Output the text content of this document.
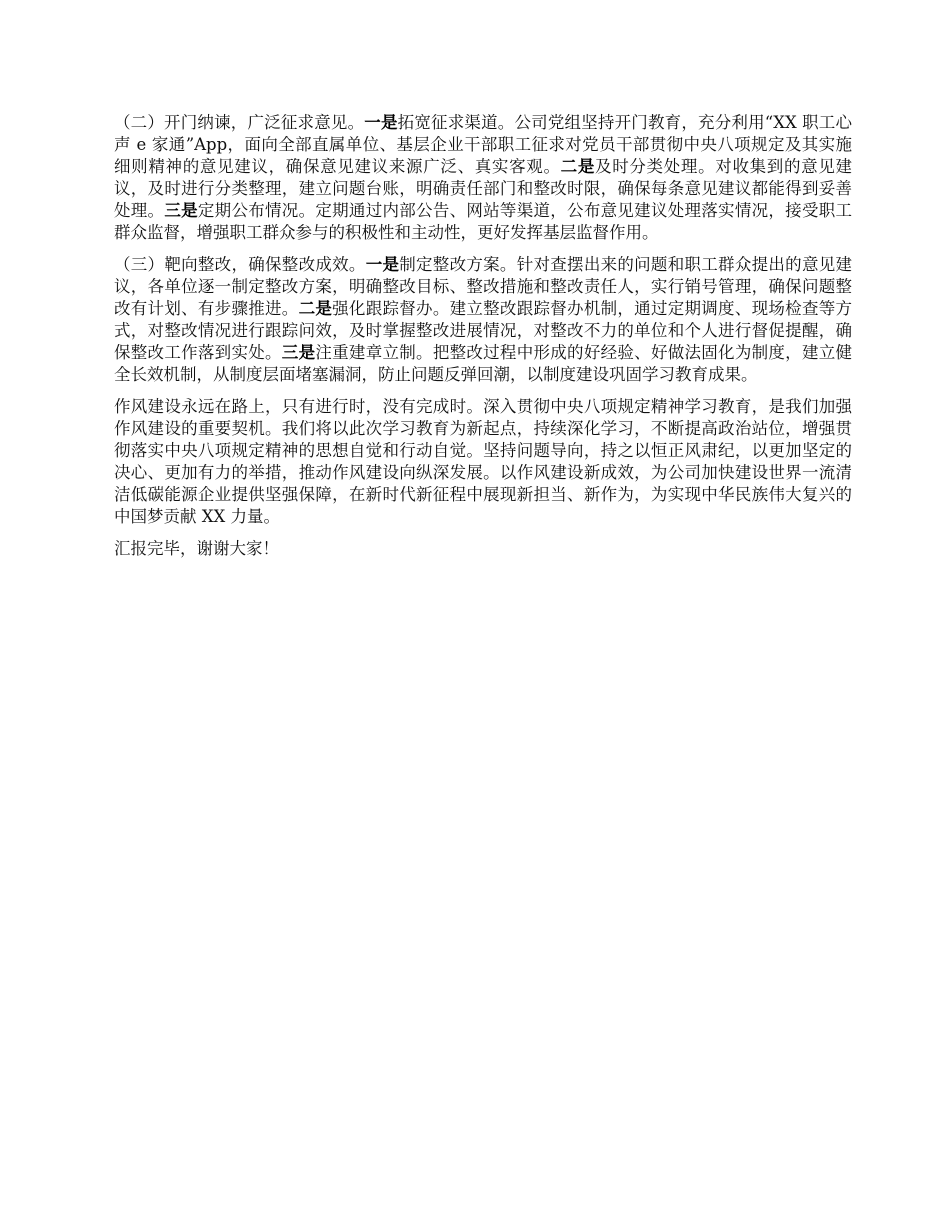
（二）开门纳谏，广泛征求意见。一是拓宽征求渠道。公司党组坚持开门教育，充分利用“XX 职工心声 e 家通”App，面向全部直属单位、基层企业干部职工征求对党员干部贯彻中央八项规定及其实施细则精神的意见建议，确保意见建议来源广泛、真实客观。二是及时分类处理。对收集到的意见建议，及时进行分类整理，建立问题台账，明确责任部门和整改时限，确保每条意见建议都能得到妥善处理。三是定期公布情况。定期通过内部公告、网站等渠道，公布意见建议处理落实情况，接受职工群众监督，增强职工群众参与的积极性和主动性，更好发挥基层监督作用。

（三）靶向整改，确保整改成效。一是制定整改方案。针对查摆出来的问题和职工群众提出的意见建议，各单位逐一制定整改方案，明确整改目标、整改措施和整改责任人，实行销号管理，确保问题整改有计划、有步骤推进。二是强化跟踪督办。建立整改跟踪督办机制，通过定期调度、现场检查等方式，对整改情况进行跟踪问效，及时掌握整改进展情况，对整改不力的单位和个人进行督促提醒，确保整改工作落到实处。三是注重建章立制。把整改过程中形成的好经验、好做法固化为制度，建立健全长效机制，从制度层面堵塞漏洞，防止问题反弹回潮，以制度建设巩固学习教育成果。

作风建设永远在路上，只有进行时，没有完成时。深入贯彻中央八项规定精神学习教育，是我们加强作风建设的重要契机。我们将以此次学习教育为新起点，持续深化学习，不断提高政治站位，增强贯彻落实中央八项规定精神的思想自觉和行动自觉。坚持问题导向，持之以恒正风肃纪，以更加坚定的决心、更加有力的举措，推动作风建设向纵深发展。以作风建设新成效，为公司加快建设世界一流清洁低碳能源企业提供坚强保障，在新时代新征程中展现新担当、新作为，为实现中华民族伟大复兴的中国梦贡献 XX 力量。

汇报完毕，谢谢大家！
